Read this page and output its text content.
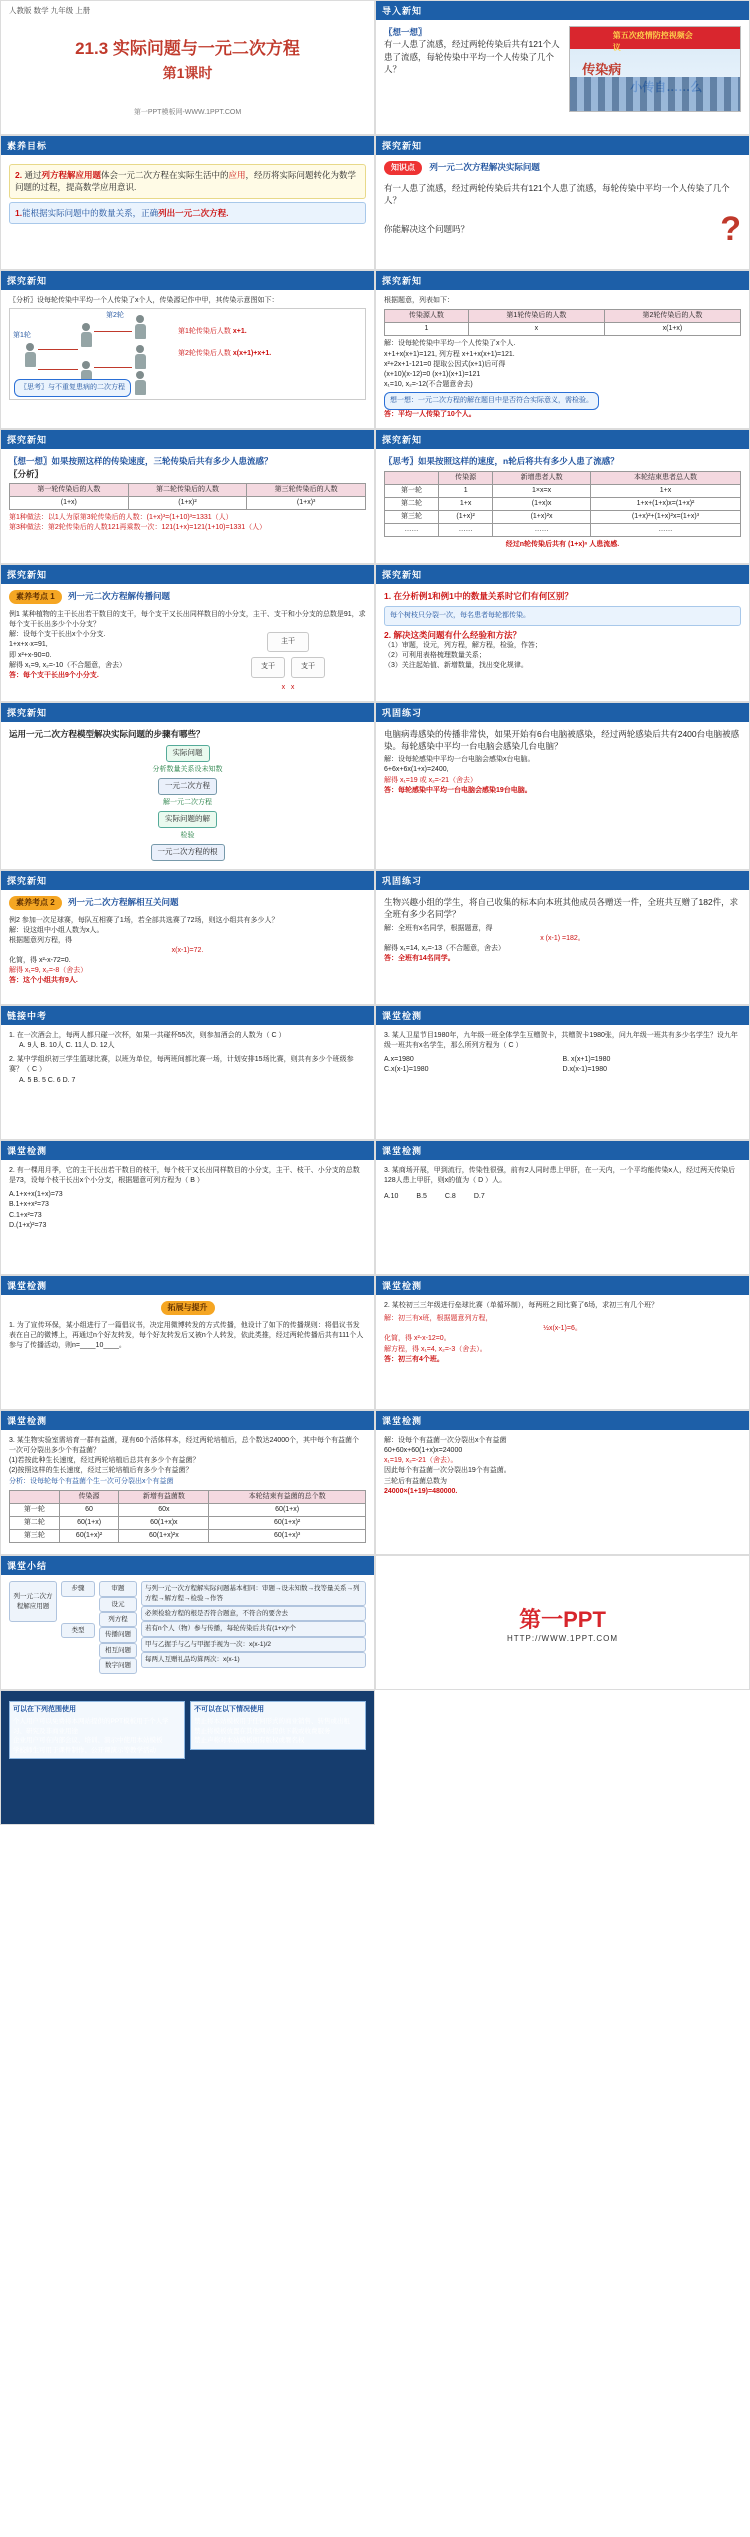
人教版 数学 九年级 上册
21.3 实际问题与一元二次方程
第1课时
第一PPT模板网-WWW.1PPT.COM
导入新知
〖想一想〗
有一人患了流感，经过两轮传染后共有121个人患了流感，每轮传染中平均一个人传染了几个人？
第五次疫情防控视频会议
传染病
素养目标
2. 通过列方程解应用题体会一元二次方程在实际生活中的应用，经历将实际问题转化为数学问题的过程，提高数学应用意识.
1.能根据实际问题中的数量关系，正确列出一元二次方程.
探究新知
知识点 列一元二次方程解决实际问题
有一人患了流感，经过两轮传染后共有121个人患了流感，每轮传染中平均一个人传染了几个人？
你能解决这个问题吗？	?
探究新知
〖分析〗设每轮传染中平均一个人传染了x个人，传染源记作中甲，其传染示意图如下：
第1轮
第2轮
第1轮传染后人数 x+1.
第2轮传染后人数 x(x+1)+x+1.
〖思考〗与不重复患病的二次方程
探究新知
根据题意，列表如下：
传染源人数	第1轮传染后的人数	第2轮传染后的人数
1	x	x(1+x)
解：设每轮传染中平均一个人传染了x个人.
x+1+x(x+1)=121, 列方程 x+1+x(x+1)=121.
x²+2x+1-121=0 提取公因式(x+1)后可得
(x+10)(x-12)=0 (x+1)(x+1)=121
x₁=10, x₂=-12(不合题意舍去)
想一想：一元二次方程的解在题目中是否符合实际意义，需检验。
答：平均一人传染了10个人。
探究新知
〖想一想〗如果按照这样的传染速度，三轮传染后共有多少人患流感？
〖分析〗
第一轮传染后的人数	第二轮传染后的人数	第三轮传染后的人数
(1+x)	(1+x)²	(1+x)³
第1种做法：以1人为原第3轮传染后的人数：(1+x)³=(1+10)³=1331（人）
第3种做法：第2轮传染后的人数121再乘数一次：121(1+x)=121(1+10)=1331（人）
探究新知
〖思考〗如果按照这样的速度，n轮后将共有多少人患了流感？
	传染源	新增患者人数	本轮结束患者总人数
第一轮	1	1×x=x	1+x
第二轮	1+x	(1+x)x	1+x+(1+x)x=(1+x)²
第三轮	(1+x)²	(1+x)²x	(1+x)²+(1+x)²x=(1+x)³
……	……	……	……
经过n轮传染后共有 (1+x)ⁿ 人患流感.
探究新知
素养考点 1 列一元二次方程解传播问题
例1 某种植物的主干长出若干数目的支干，每个支干又长出同样数目的小分支，主干、支干和小分支的总数是91，求每个支干长出多少个小分支？
解：设每个支干长出x个小分支.
1+x+x·x=91,
即 x²+x-90=0.
解得 x₁=9, x₂=-10（不合题意，舍去）
答：每个支干长出9个小分支.
主干
支干	支干
x   x
探究新知
1. 在分析例1和例1中的数量关系时它们有何区别？
每个树枝只分裂一次，每名患者每轮都传染。
2. 解决这类问题有什么经验和方法？
（1）审题，设元，列方程，解方程，检验，作答；
（2）可利用表格梳理数量关系；
（3）关注起始值、新增数量，找出变化规律。
探究新知
运用一元二次方程模型解决实际问题的步骤有哪些？
实际问题
分析数量关系设未知数
一元二次方程
解一元二次方程
实际问题的解
检验
一元二次方程的根
巩固练习
电脑病毒感染的传播非常快，如果开始有6台电脑被感染，经过两轮感染后共有2400台电脑被感染。每轮感染中平均一台电脑会感染几台电脑？
解：设每轮感染中平均一台电脑会感染x台电脑。
6+6x+6x(1+x)=2400,
解得 x₁=19 或 x₂=-21（舍去）
答：每轮感染中平均一台电脑会感染19台电脑。
探究新知
素养考点 2 列一元二次方程解相互关问题
例2 参加一次足球赛，每队互相赛了1场，若全部共选赛了72场，则这小组共有多少人？
解：设这组中小组人数为x人。
根据题意列方程，得
x(x-1)=72.
化简，得 x²-x-72=0.
解得 x₁=9, x₂=-8（舍去）
答：这个小组共有9人.
巩固练习
生物兴趣小组的学生，将自己收集的标本向本班其他成员各赠送一件，全班共互赠了182件，求全班有多少名同学？
解：全班有x名同学，根据题意，得
x (x-1) =182。
解得 x₁=14, x₂=-13（不合题意，舍去）
答：全班有14名同学。
链接中考
1. 在一次酒会上，每两人都只碰一次杯，如果一共碰杯55次，则参加酒会的人数为（ C ）
A. 9人 B. 10人 C. 11人 D. 12人
2. 某中学组织初三学生篮球比赛，以班为单位，每两班间都比赛一场，计划安排15场比赛，则共有多少个班级参赛？（ C ）
A. 5 B. 5 C. 6 D. 7
课堂检测
3. 某人卫星节目1980年，九年级一班全体学生互赠贺卡，共赠贺卡1980张，问九年级一班共有多少名学生？设九年级一班共有x名学生，那么所列方程为（ C ）
A.x=1980	B. x(x+1)=1980
C.x(x-1)=1980	D.x(x-1)=1980
课堂检测
2. 有一棵用月季，它的主干长出若干数目的枝干，每个枝干又长出同样数目的小分支，主干、枝干、小分支的总数是73，设每个枝干长出x个小分支，根据题意可列方程为（ B ）
A.1+x+x(1+x)=73
B.1+x+x²=73
C.1+x²=73
D.(1+x)²=73
课堂检测
3. 某商场开展，甲到流行，传染性很强，前有2人同时患上甲肝，在一天内，一个平均能传染x人，经过两天传染后128人患上甲肝，则x的值为（ D ）人。
A.10	B.5	C.8	D.7
课堂检测
拓展与提升
1. 为了宣传环保，某小组进行了一篇倡议书，决定用微博转发的方式传播，他设计了如下的传播规则：将倡议书发表在自己的微博上，再通过n个好友转发，每个好友转发后又被n个人转发，依此类推，经过两轮传播后共有111个人参与了传播活动，则n=____10____。
课堂检测
2. 某校初三三年级进行垒球比赛（单循环制），每两班之间比赛了6场，求初三有几个班？
解：初三有x班，根据题意列方程，
½x(x-1)=6。
化简，得 x²-x-12=0。
解方程，得 x₁=4, x₂=-3（舍去）。
答：初三有4个班。
课堂检测
3. 某生物实验室需培育一群有益菌，现有60个活体样本，经过两轮培植后，总个数达24000个，其中每个有益菌个一次可分裂出多少个有益菌？
(1)若按此种生长速度，经过两轮培植后总共有多少个有益菌？
(2)按照这样的生长速度，经过三轮培植后有多少个有益菌？
分析：设每轮每个有益菌个生一次可分裂出x个有益菌
	传染源	新增有益菌数	本轮结束有益菌的总个数
第一轮	60	60x	60(1+x)
第二轮	60(1+x)	60(1+x)x	60(1+x)²
第三轮	60(1+x)²	60(1+x)²x	60(1+x)³
课堂检测
解：设每个有益菌一次分裂出x个有益菌
60+60x+60(1+x)x=24000
x₁=19, x₂=-21（舍去）。
因此每个有益菌一次分裂出19个有益菌。
三轮后有益菌总数为
24000×(1+19)=480000.
课堂小结
列一元二次方程解应用题
步骤
类型
审题
设元
列方程
传播问题
相互问题
数字问题
与列一元一次方程解实际问题基本相同：审题→设未知数→找等量关系→列方程→解方程→检验→作答
必须检验方程的根是否符合题意，不符合的要舍去
若有n个人（物）参与传播，每轮传染后共有(1+x)ⁿ个
甲与乙握手与乙与甲握手视为一次：x(x-1)/2
每两人互赠礼品均算两次：x(x-1)
第一PPT
HTTP://WWW.1PPT.COM
可以在下列范围使用
个人用户可以免费将本网站提供的PPT模板用于个人学习、研究及非商业用途
企业用户可在内部会议、培训、演示中使用本站模板
学校师生可用于课件制作、公开课演示等教学活动
不可以在以下情况使用
禁止将本站模板用于任何形式的商业销售、转售或出租
禁止将模板放置在其他网站提供下载或收费服务
禁止声称对本站模板拥有版权或署名权
